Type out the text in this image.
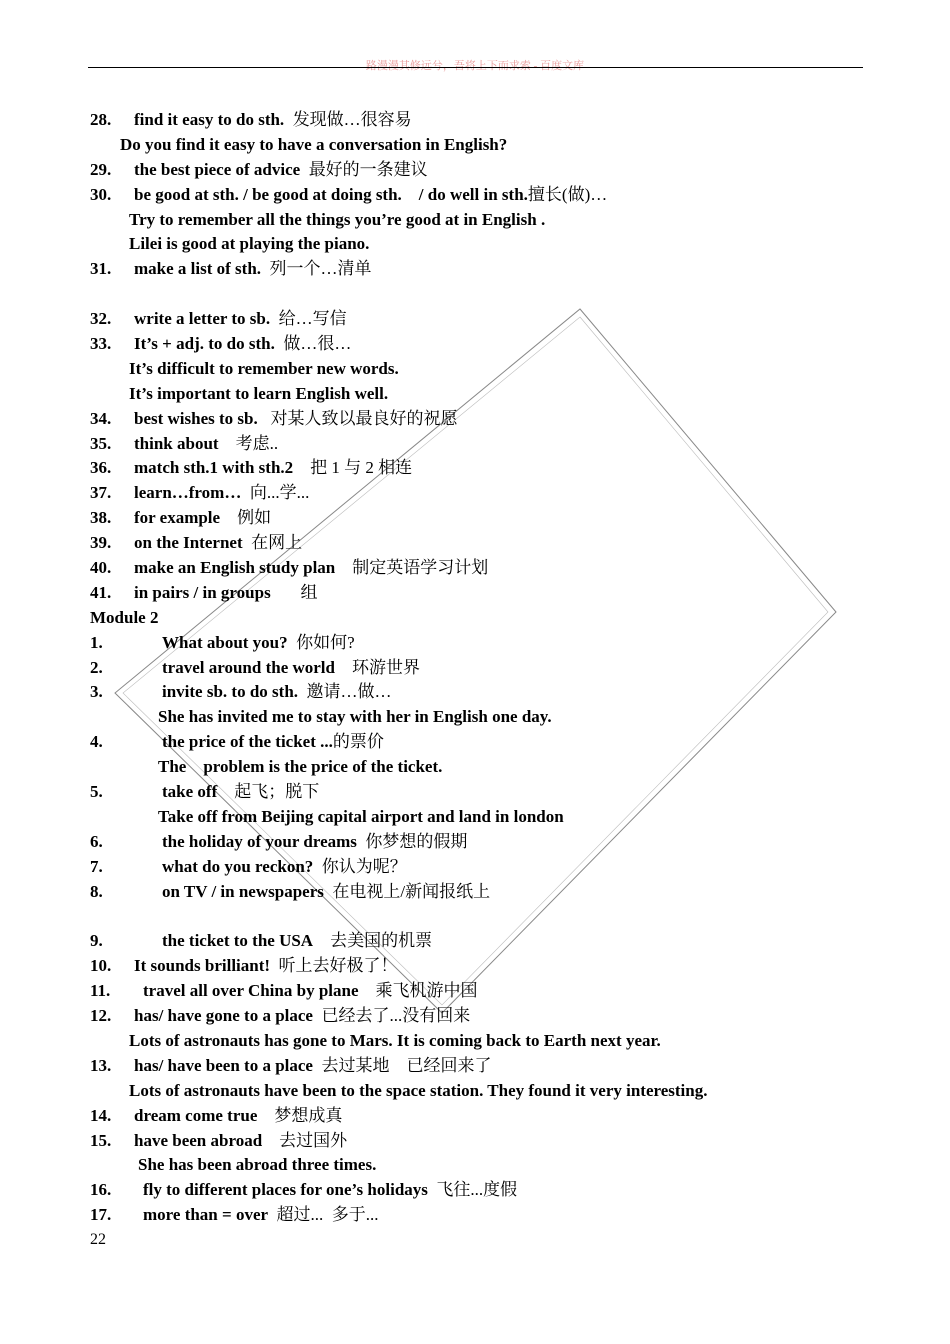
路漫漫其修远兮，吾将上下而求索 - 百度文库
28. find it easy to do sth.  发现做…很容易
Do you find it easy to have a conversation in English?
29. the best piece of advice  最好的一条建议
30. be good at sth. / be good at doing sth.    / do well in sth.擅长(做)…
Try to remember all the things you’re good at in English .
Lilei is good at playing the piano.
31. make a list of sth.  列一个…清单
32. write a letter to sb.  给…写信
33. It’s + adj. to do sth.  做…很…
It’s difficult to remember new words.
It’s important to learn English well.
34. best wishes to sb.   对某人致以最良好的祝愿
35. think about    考虑..
36. match sth.1 with sth.2    把 1 与 2 相连
37. learn…from…  向...学...
38. for example    例如
39. on the Internet  在网上
40. make an English study plan    制定英语学习计划
41. in pairs / in groups       组
Module 2
1.	What about you?  你如何?
2.	travel around the world    环游世界
3.	invite sb. to do sth.  邀请…做…
She has invited me to stay with her in English one day.
4.	the price of the ticket ...的票价
The    problem is the price of the ticket.
5.	take off    起飞；脱下
Take off from Beijing capital airport and land in london
6.	the holiday of your dreams  你梦想的假期
7.	what do you reckon?  你认为呢？
8.	on TV / in newspapers  在电视上/新闻报纸上
9.	the ticket to the USA    去美国的机票
10. It sounds brilliant!  听上去好极了！
11. travel all over China by plane    乘飞机游中国
12. has/ have gone to a place  已经去了...没有回来
Lots of astronauts has gone to Mars. It is coming back to Earth next year.
13. has/ have been to a place  去过某地    已经回来了
Lots of astronauts have been to the space station. They found it very interesting.
14. dream come true    梦想成真
15. have been abroad    去过国外
She has been abroad three times.
16. fly to different places for one’s holidays  飞往...度假
17. more than = over  超过...  多于...
22
